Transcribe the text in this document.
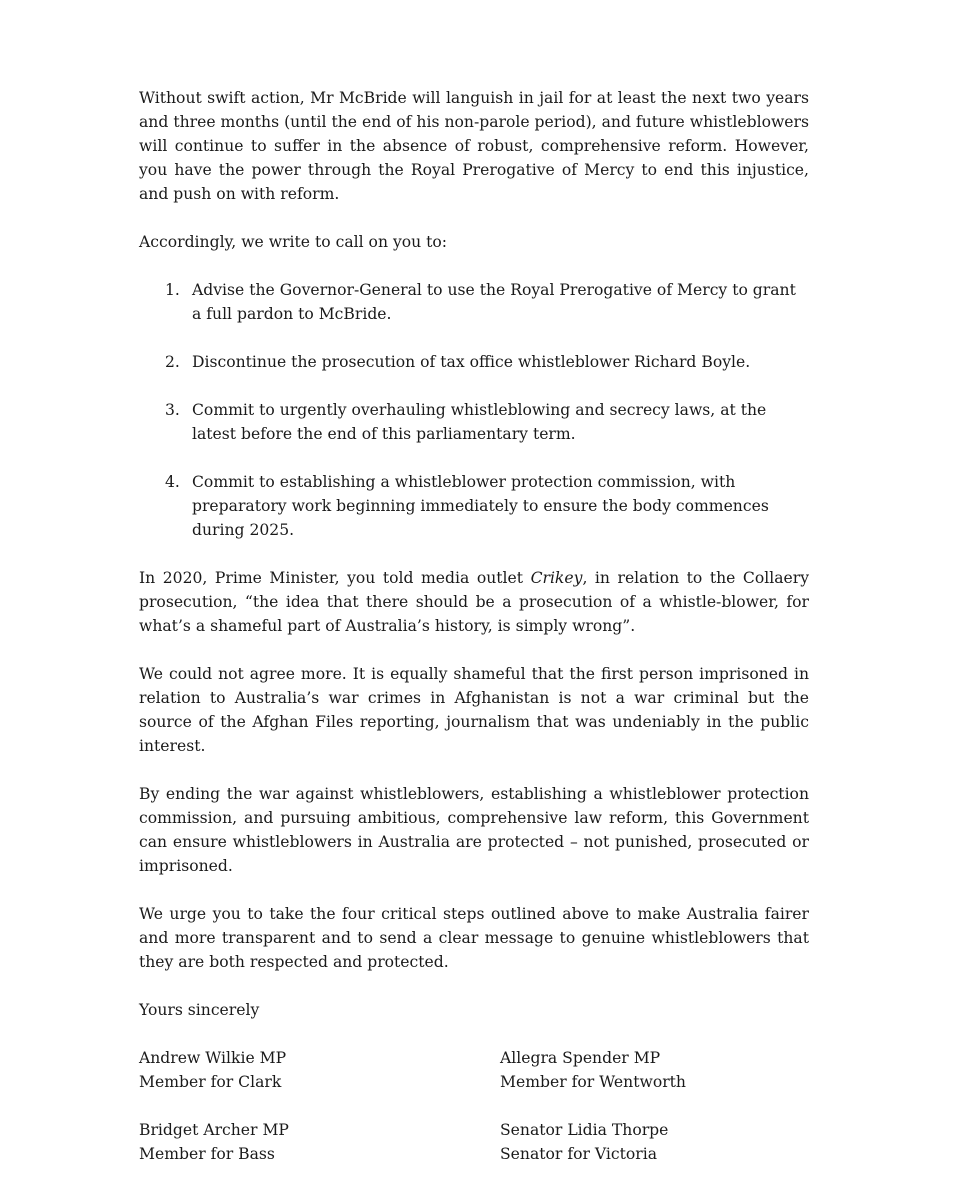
Without swift action, Mr McBride will languish in jail for at least the next two years and three months (until the end of his non-parole period), and future whistleblowers will continue to suffer in the absence of robust, comprehensive reform. However, you have the power through the Royal Prerogative of Mercy to end this injustice, and push on with reform.

Accordingly, we write to call on you to:

1. Advise the Governor-General to use the Royal Prerogative of Mercy to grant a full pardon to McBride.
2. Discontinue the prosecution of tax office whistleblower Richard Boyle.
3. Commit to urgently overhauling whistleblowing and secrecy laws, at the latest before the end of this parliamentary term.
4. Commit to establishing a whistleblower protection commission, with preparatory work beginning immediately to ensure the body commences during 2025.

In 2020, Prime Minister, you told media outlet Crikey, in relation to the Collaery prosecution, “the idea that there should be a prosecution of a whistle-blower, for what’s a shameful part of Australia’s history, is simply wrong”.

We could not agree more. It is equally shameful that the first person imprisoned in relation to Australia’s war crimes in Afghanistan is not a war criminal but the source of the Afghan Files reporting, journalism that was undeniably in the public interest.

By ending the war against whistleblowers, establishing a whistleblower protection commission, and pursuing ambitious, comprehensive law reform, this Government can ensure whistleblowers in Australia are protected – not punished, prosecuted or imprisoned.

We urge you to take the four critical steps outlined above to make Australia fairer and more transparent and to send a clear message to genuine whistleblowers that they are both respected and protected.

Yours sincerely

Andrew Wilkie MP
Member for Clark
Allegra Spender MP
Member for Wentworth
Bridget Archer MP
Member for Bass
Senator Lidia Thorpe
Senator for Victoria
